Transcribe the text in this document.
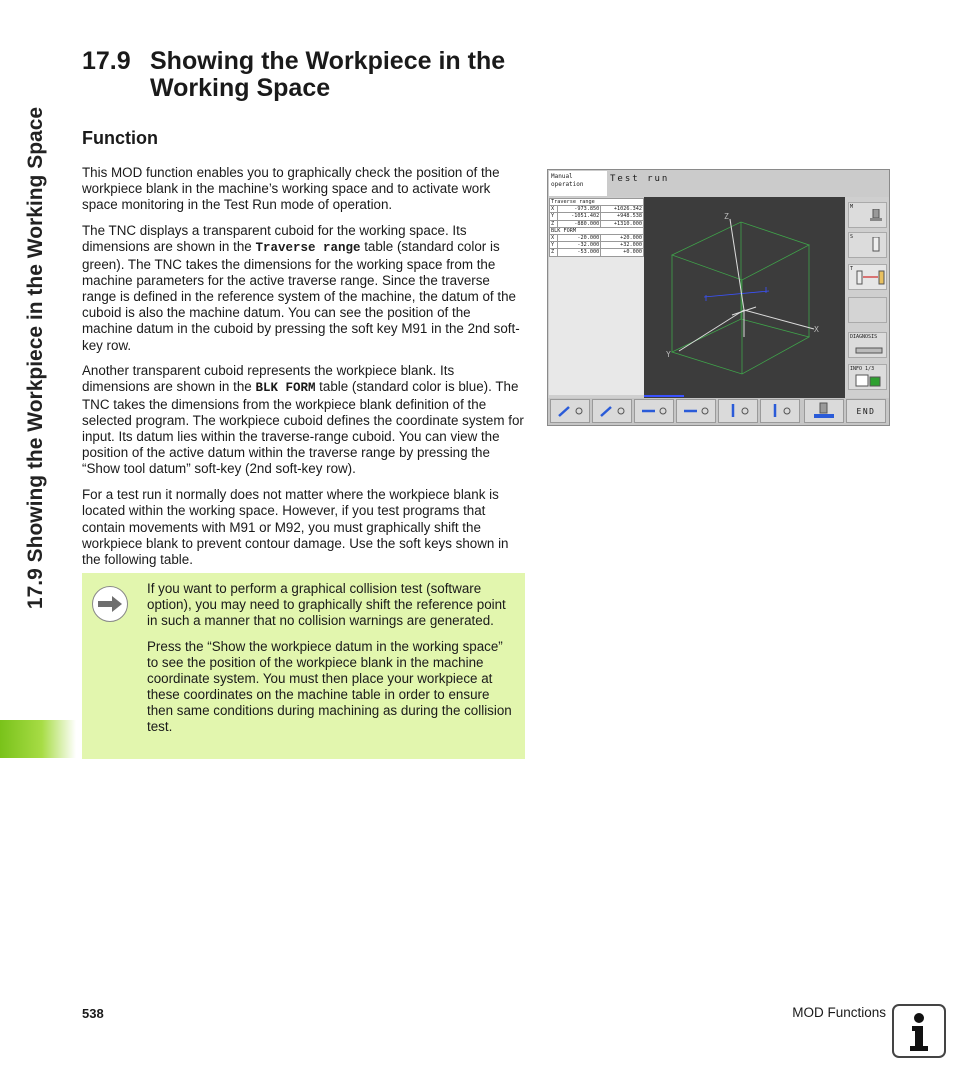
17.9 Showing the Workpiece in the Working Space
17.9 Showing the Workpiece in the Working Space
Function

This MOD function enables you to graphically check the position of the workpiece blank in the machine’s working space and to activate work space monitoring in the Test Run mode of operation.

The TNC displays a transparent cuboid for the working space. Its dimensions are shown in the Traverse range table (standard color is green). The TNC takes the dimensions for the working space from the machine parameters for the active traverse range. Since the traverse range is defined in the reference system of the machine, the datum of the cuboid is also the machine datum. You can see the position of the machine datum in the cuboid by pressing the soft key M91 in the 2nd soft-key row.

Another transparent cuboid represents the workpiece blank. Its dimensions are shown in the BLK FORM table (standard color is blue). The TNC takes the dimensions from the workpiece blank definition of the selected program. The workpiece cuboid defines the coordinate system for input. Its datum lies within the traverse-range cuboid. You can view the position of the active datum within the traverse range by pressing the “Show tool datum” soft-key (2nd soft-key row).

For a test run it normally does not matter where the workpiece blank is located within the working space. However, if you test programs that contain movements with M91 or M92, you must graphically shift the workpiece blank to prevent contour damage. Use the soft keys shown in the following table.

If you want to perform a graphical collision test (software option), you may need to graphically shift the reference point in such a manner that no collision warnings are generated.

Press the “Show the workpiece datum in the working space” to see the position of the workpiece blank in the machine coordinate system. You must then place your workpiece at these coordinates on the machine table in order to ensure then same conditions during machining as during the collision test.

Manual
operation
Test run
Traverse range		
X	-973.850	+1026.342
Y	-1051.402	+948.538
Z	-880.000	+1310.000
BLK FORM		
X	-20.000	+20.000
Y	-32.000	+32.000
Z	-53.000	+0.000
Z
X
Y
M
S
T
DIAGNOSIS
INFO 1/3
END
538	MOD Functions
